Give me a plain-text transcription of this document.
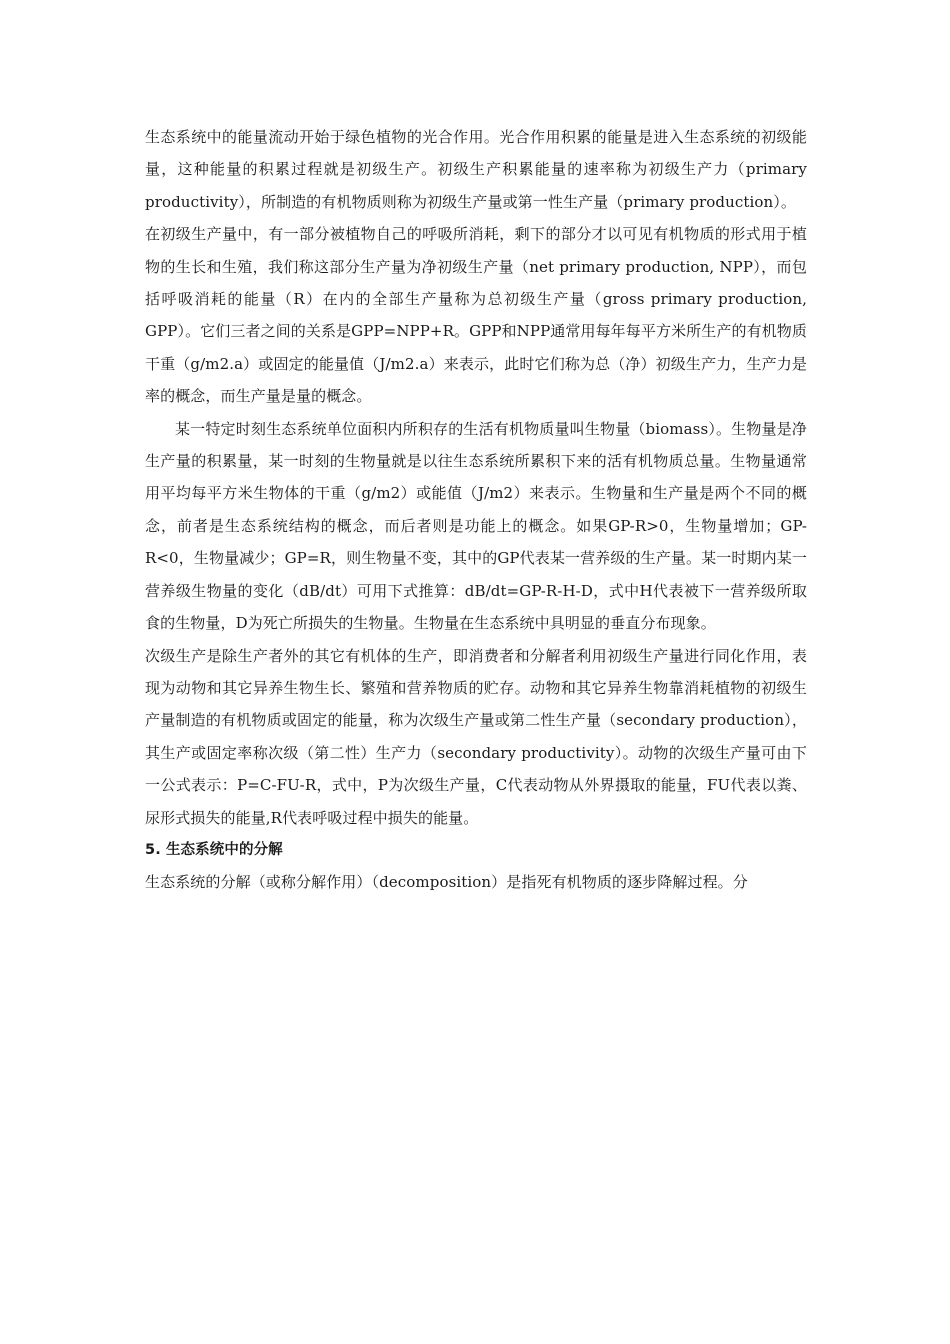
生态系统中的能量流动开始于绿色植物的光合作用。光合作用积累的能量是进入生态系统的初级能量，这种能量的积累过程就是初级生产。初级生产积累能量的速率称为初级生产力（primary productivity），所制造的有机物质则称为初级生产量或第一性生产量（primary production）。

在初级生产量中，有一部分被植物自己的呼吸所消耗，剩下的部分才以可见有机物质的形式用于植物的生长和生殖，我们称这部分生产量为净初级生产量（net primary production, NPP），而包括呼吸消耗的能量（R）在内的全部生产量称为总初级生产量（gross primary production, GPP）。它们三者之间的关系是GPP=NPP+R。GPP和NPP通常用每年每平方米所生产的有机物质干重（g/m2.a）或固定的能量值（J/m2.a）来表示，此时它们称为总（净）初级生产力，生产力是率的概念，而生产量是量的概念。

某一特定时刻生态系统单位面积内所积存的生活有机物质量叫生物量（biomass）。生物量是净生产量的积累量，某一时刻的生物量就是以往生态系统所累积下来的活有机物质总量。生物量通常用平均每平方米生物体的干重（g/m2）或能值（J/m2）来表示。生物量和生产量是两个不同的概念，前者是生态系统结构的概念，而后者则是功能上的概念。如果GP-R>0，生物量增加；GP-R<0，生物量减少；GP=R，则生物量不变，其中的GP代表某一营养级的生产量。某一时期内某一营养级生物量的变化（dB/dt）可用下式推算：dB/dt=GP-R-H-D，式中H代表被下一营养级所取食的生物量，D为死亡所损失的生物量。生物量在生态系统中具明显的垂直分布现象。

次级生产是除生产者外的其它有机体的生产，即消费者和分解者利用初级生产量进行同化作用，表现为动物和其它异养生物生长、繁殖和营养物质的贮存。动物和其它异养生物靠消耗植物的初级生产量制造的有机物质或固定的能量，称为次级生产量或第二性生产量（secondary production），其生产或固定率称次级（第二性）生产力（secondary productivity）。动物的次级生产量可由下一公式表示：P=C-FU-R，式中，P为次级生产量，C代表动物从外界摄取的能量，FU代表以粪、尿形式损失的能量,R代表呼吸过程中损失的能量。

5. 生态系统中的分解

生态系统的分解（或称分解作用）（decomposition）是指死有机物质的逐步降解过程。分
